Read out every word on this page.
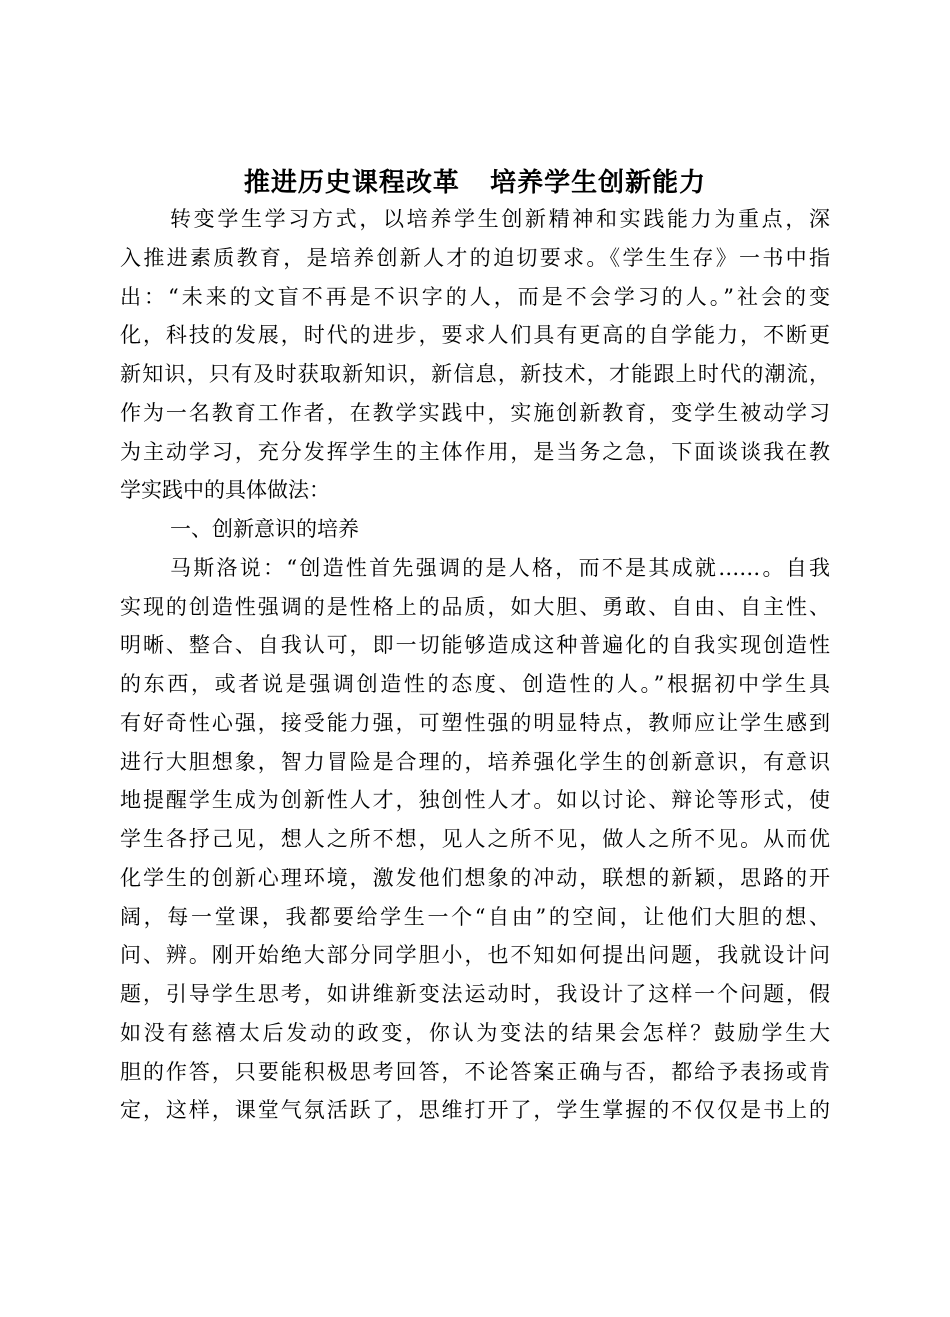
推进历史课程改革   培养学生创新能力
转变学生学习方式，以培养学生创新精神和实践能力为重点，深
入推进素质教育，是培养创新人才的迫切要求。《学生生存》一书中指
出：“未来的文盲不再是不识字的人，而是不会学习的人。”社会的变
化，科技的发展，时代的进步，要求人们具有更高的自学能力，不断更
新知识，只有及时获取新知识，新信息，新技术，才能跟上时代的潮流，
作为一名教育工作者，在教学实践中，实施创新教育，变学生被动学习
为主动学习，充分发挥学生的主体作用，是当务之急，下面谈谈我在教
学实践中的具体做法：
一、创新意识的培养
马斯洛说：“创造性首先强调的是人格，而不是其成就……。自我
实现的创造性强调的是性格上的品质，如大胆、勇敢、自由、自主性、
明晰、整合、自我认可，即一切能够造成这种普遍化的自我实现创造性
的东西，或者说是强调创造性的态度、创造性的人。”根据初中学生具
有好奇性心强，接受能力强，可塑性强的明显特点，教师应让学生感到
进行大胆想象，智力冒险是合理的，培养强化学生的创新意识，有意识
地提醒学生成为创新性人才，独创性人才。如以讨论、辩论等形式，使
学生各抒己见，想人之所不想，见人之所不见，做人之所不见。从而优
化学生的创新心理环境，激发他们想象的冲动，联想的新颖，思路的开
阔，每一堂课，我都要给学生一个“自由”的空间，让他们大胆的想、
问、辨。刚开始绝大部分同学胆小，也不知如何提出问题，我就设计问
题，引导学生思考，如讲维新变法运动时，我设计了这样一个问题，假
如没有慈禧太后发动的政变，你认为变法的结果会怎样？鼓励学生大
胆的作答，只要能积极思考回答，不论答案正确与否，都给予表扬或肯
定，这样，课堂气氛活跃了，思维打开了，学生掌握的不仅仅是书上的
